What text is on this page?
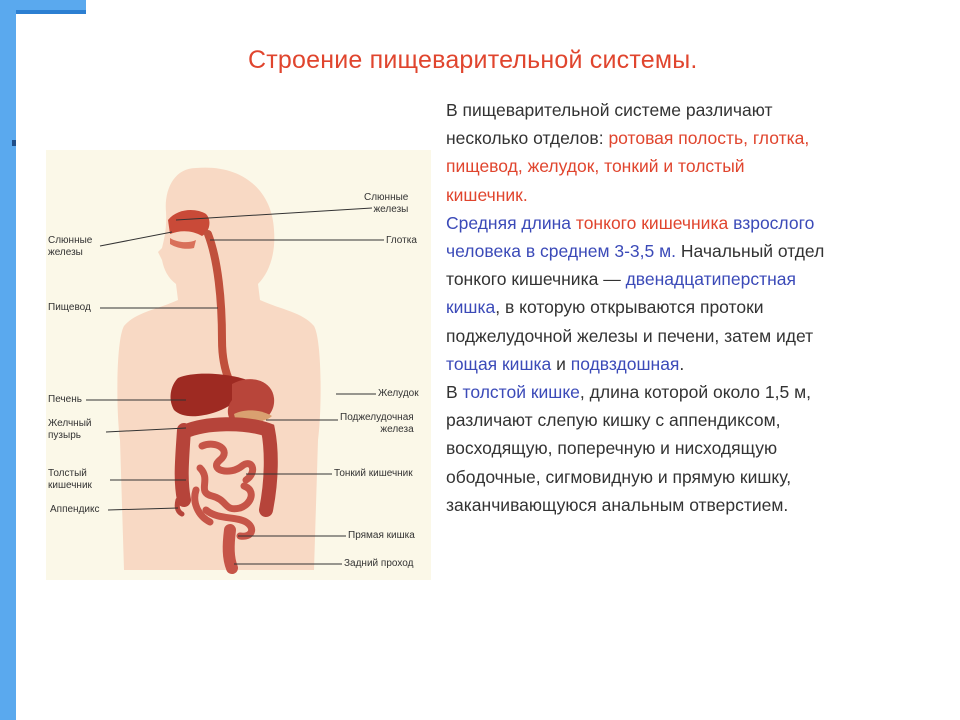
Строение пищеварительной системы.
Слюнные
железы
Глотка
Слюнные
железы
Пищевод
Желудок
Печень
Поджелудочная
железа
Желчный
пузырь
Тонкий кишечник
Толстый
кишечник
Аппендикс
Прямая кишка
Задний проход
В пищеварительной системе различают
несколько отделов: ротовая полость, глотка,
пищевод, желудок, тонкий и толстый
кишечник.
Средняя длина тонкого кишечника взрослого
человека в среднем 3-3,5 м. Начальный отдел
тонкого кишечника — двенадцатиперстная
кишка, в которую открываются протоки
поджелудочной железы и печени, затем идет
тощая кишка и подвздошная.
В толстой кишке, длина которой около 1,5 м,
различают слепую кишку с аппендиксом,
восходящую, поперечную и нисходящую
ободочные, сигмовидную и прямую кишку,
заканчивающуюся анальным отверстием.
